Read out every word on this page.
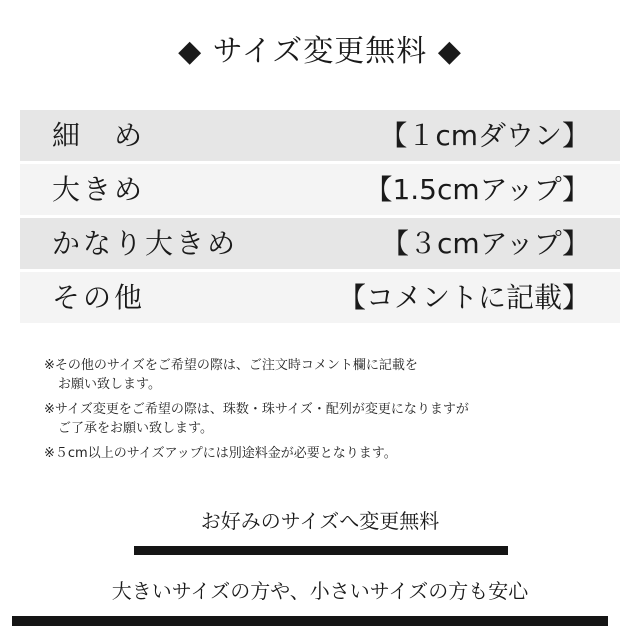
◆ サイズ変更無料 ◆
細　め	【１cmダウン】
大きめ	【1.5cmアップ】
かなり大きめ	【３cmアップ】
その他	【コメントに記載】
※その他のサイズをご希望の際は、ご注文時コメント欄に記載を
お願い致します。
※サイズ変更をご希望の際は、珠数・珠サイズ・配列が変更になりますが
ご了承をお願い致します。
※５cm以上のサイズアップには別途料金が必要となります。
お好みのサイズへ変更無料
大きいサイズの方や、小さいサイズの方も安心
